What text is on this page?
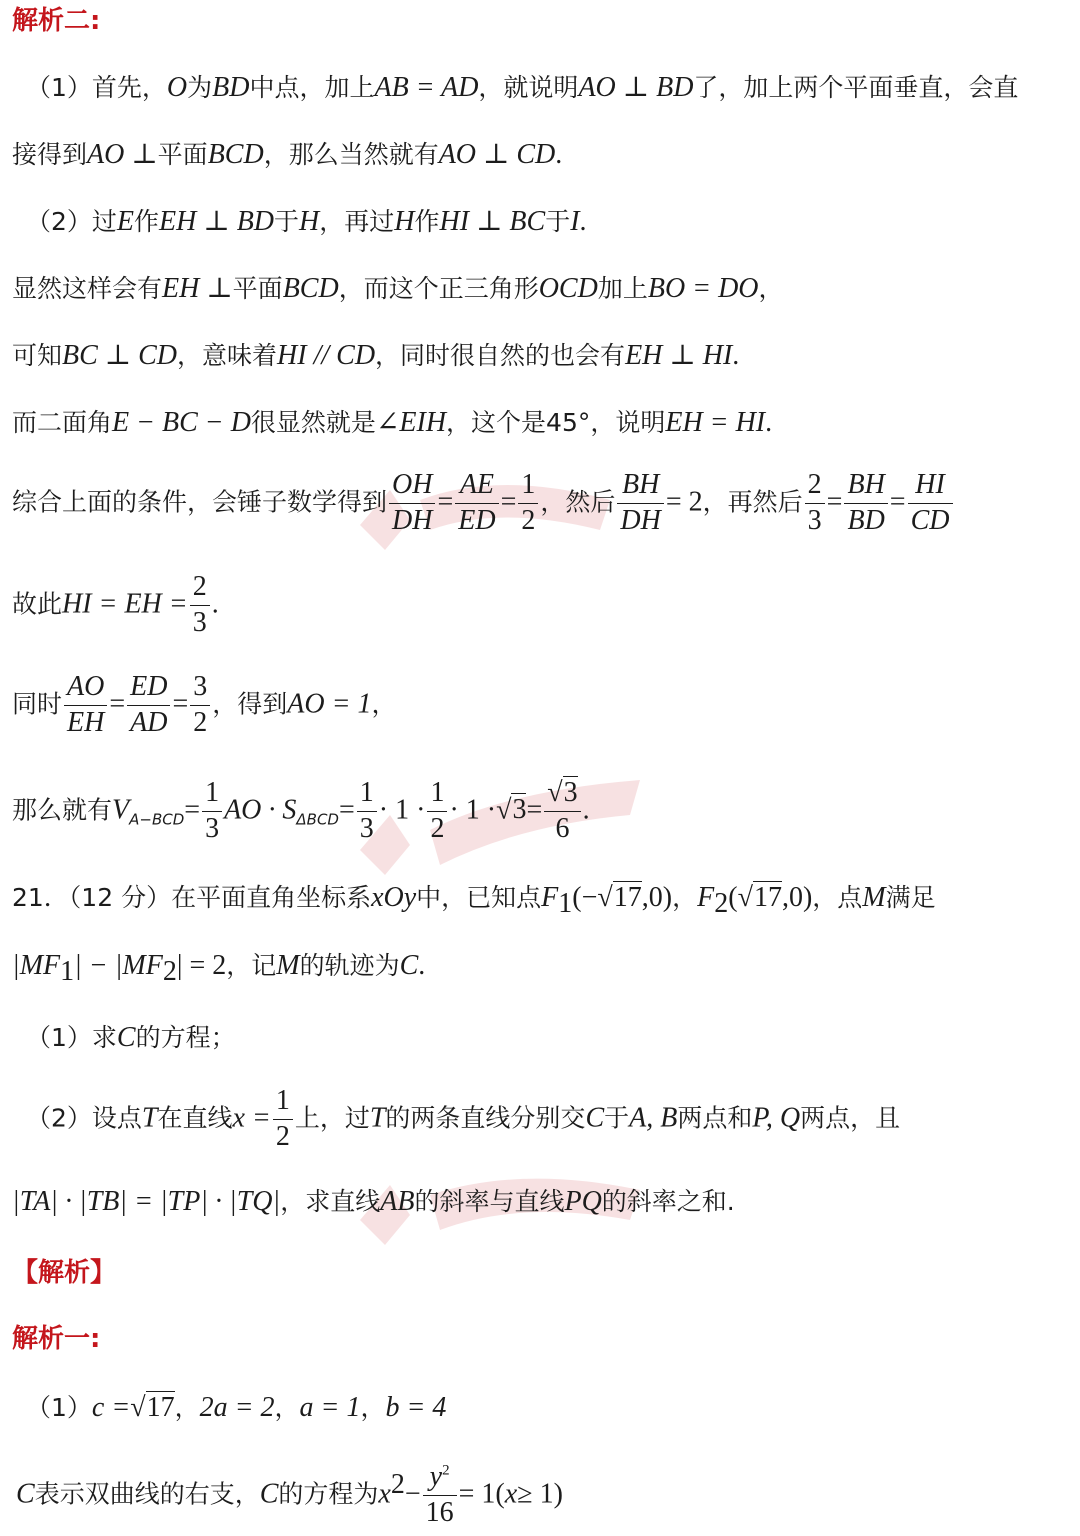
解析二:
（1）首先，O为BD中点，加上AB = AD，就说明AO ⊥ BD了，加上两个平面垂直，会直
接得到AO ⊥平面BCD，那么当然就有AO ⊥ CD.
（2）过E作EH ⊥ BD于H，再过H作HI ⊥ BC于I.
显然这样会有EH ⊥平面BCD，而这个正三角形OCD加上BO = DO，
可知BC ⊥ CD，意味着HI // CD，同时很自然的也会有EH ⊥ HI.
而二面角E − BC − D很显然就是∠EIH，这个是45°，说明EH = HI.
综合上面的条件，会锤子数学得到 $\frac{OH}{DH} = \frac{AE}{ED} = \frac{1}{2}$ ，然后 $\frac{BH}{DH} = 2$，再然后 $\frac{2}{3} = \frac{BH}{BD} = \frac{HI}{CD}$
故此HI = EH = $\frac{2}{3}$ .
同时 $\frac{AO}{EH} = \frac{ED}{AD} = \frac{3}{2}$ ，得到AO = 1，
那么就有$V_{A-BCD}= \frac{1}{3}$ AO · $S_{\Delta BCD}= \frac{1}{3} \cdot 1 \cdot \frac{1}{2} \cdot 1 \cdot√3= \frac{√3}{6}$ .
21．（12 分）在平面直角坐标系xOy中，已知点$F_1(-√17,0)$，$F_2(√17,0)$，点M满足
$|MF_1| - |MF_2| = 2$，记M的轨迹为C.
（1）求C的方程；
（2）设点T在直线$x = \frac{1}{2}$ 上，过T的两条直线分别交C于A, B两点和P, Q两点，且
|TA| · |TB| = |TP| · |TQ|，求直线AB的斜率与直线PQ的斜率之和.
【解析】
解析一:
（1）c =√17，2a = 2，a = 1，b = 4
C表示双曲线的右支，C的方程为$x^2- \frac{y^2}{16} = 1(x\ge 1)$
